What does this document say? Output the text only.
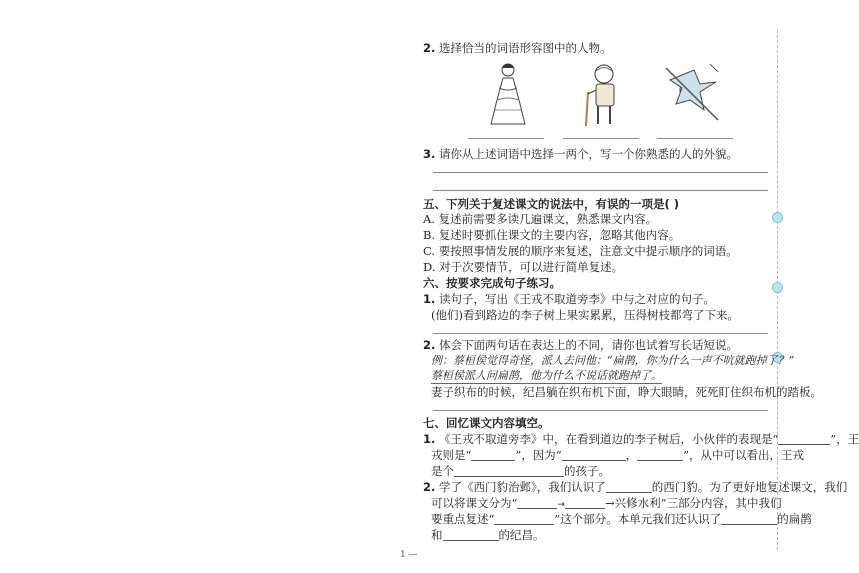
2. 选择恰当的词语形容图中的人物。
3. 请你从上述词语中选择一两个，写一个你熟悉的人的外貌。
五、下列关于复述课文的说法中，有误的一项是( )
A. 复述前需要多读几遍课文，熟悉课文内容。
B. 复述时要抓住课文的主要内容，忽略其他内容。
C. 要按照事情发展的顺序来复述，注意文中提示顺序的词语。
D. 对于次要情节，可以进行简单复述。
六、按要求完成句子练习。
1. 读句子，写出《王戎不取道旁李》中与之对应的句子。
(他们)看到路边的李子树上果实累累，压得树枝都弯了下来。
2. 体会下面两句话在表达上的不同，请你也试着写长话短说。
例：蔡桓侯觉得奇怪，派人去问他：“扁鹊，你为什么一声不吭就跑掉了？”
蔡桓侯派人问扁鹊，他为什么不说话就跑掉了。
妻子织布的时候，纪昌躺在织布机下面，睁大眼睛，死死盯住织布机的踏板。
七、回忆课文内容填空。
1. 《王戎不取道旁李》中，在看到道边的李子树后，小伙伴的表现是“	”，王
戎则是“	”，因为“	，	”，从中可以看出，王戎
是个	的孩子。
2. 学了《西门豹治邺》，我们认识了	的西门豹。为了更好地复述课文，我们
可以将课文分为“	→	→兴修水利”三部分内容，其中我们
要重点复述“	”这个部分。本单元我们还认识了	的扁鹊
和	的纪昌。
1 —
